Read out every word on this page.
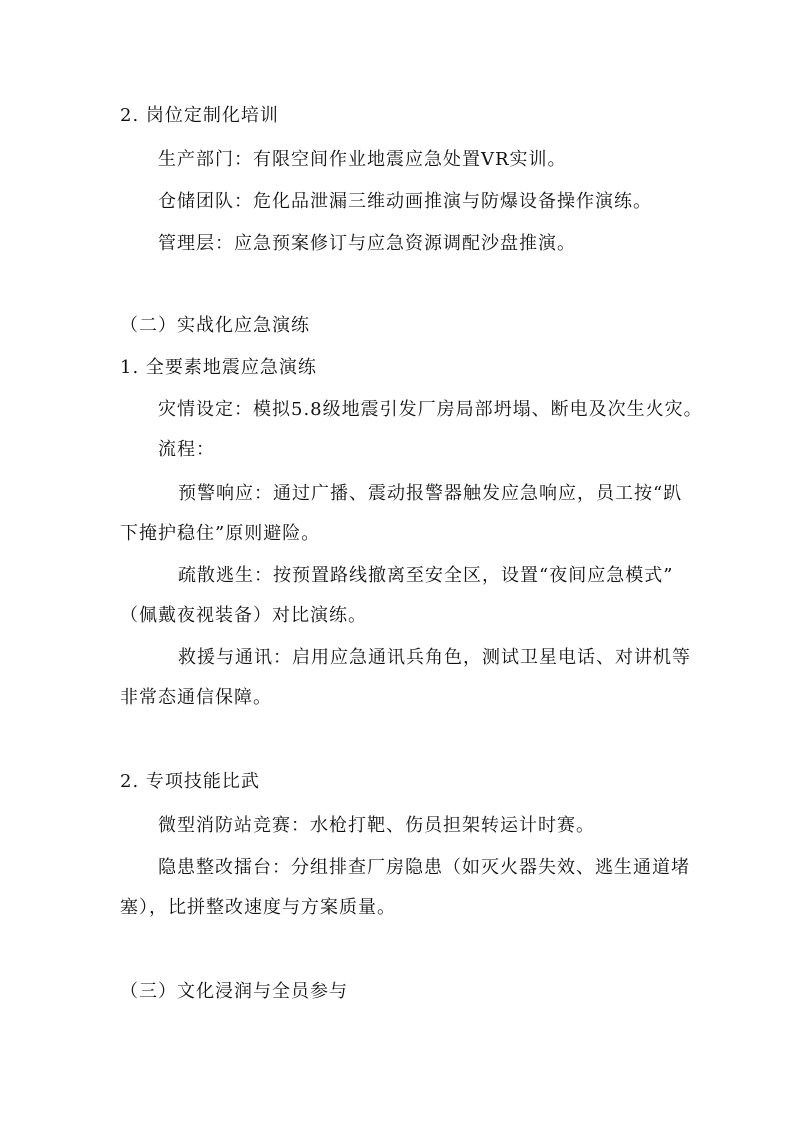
2. 岗位定制化培训

生产部门：有限空间作业地震应急处置VR实训。

仓储团队：危化品泄漏三维动画推演与防爆设备操作演练。

管理层：应急预案修订与应急资源调配沙盘推演。

（二）实战化应急演练

1. 全要素地震应急演练

灾情设定：模拟5.8级地震引发厂房局部坍塌、断电及次生火灾。

流程：

预警响应：通过广播、震动报警器触发应急响应，员工按“趴

下掩护稳住”原则避险。

疏散逃生：按预置路线撤离至安全区，设置“夜间应急模式”

（佩戴夜视装备）对比演练。

救援与通讯：启用应急通讯兵角色，测试卫星电话、对讲机等

非常态通信保障。

2. 专项技能比武

微型消防站竞赛：水枪打靶、伤员担架转运计时赛。

隐患整改擂台：分组排查厂房隐患（如灭火器失效、逃生通道堵

塞），比拼整改速度与方案质量。

（三）文化浸润与全员参与
